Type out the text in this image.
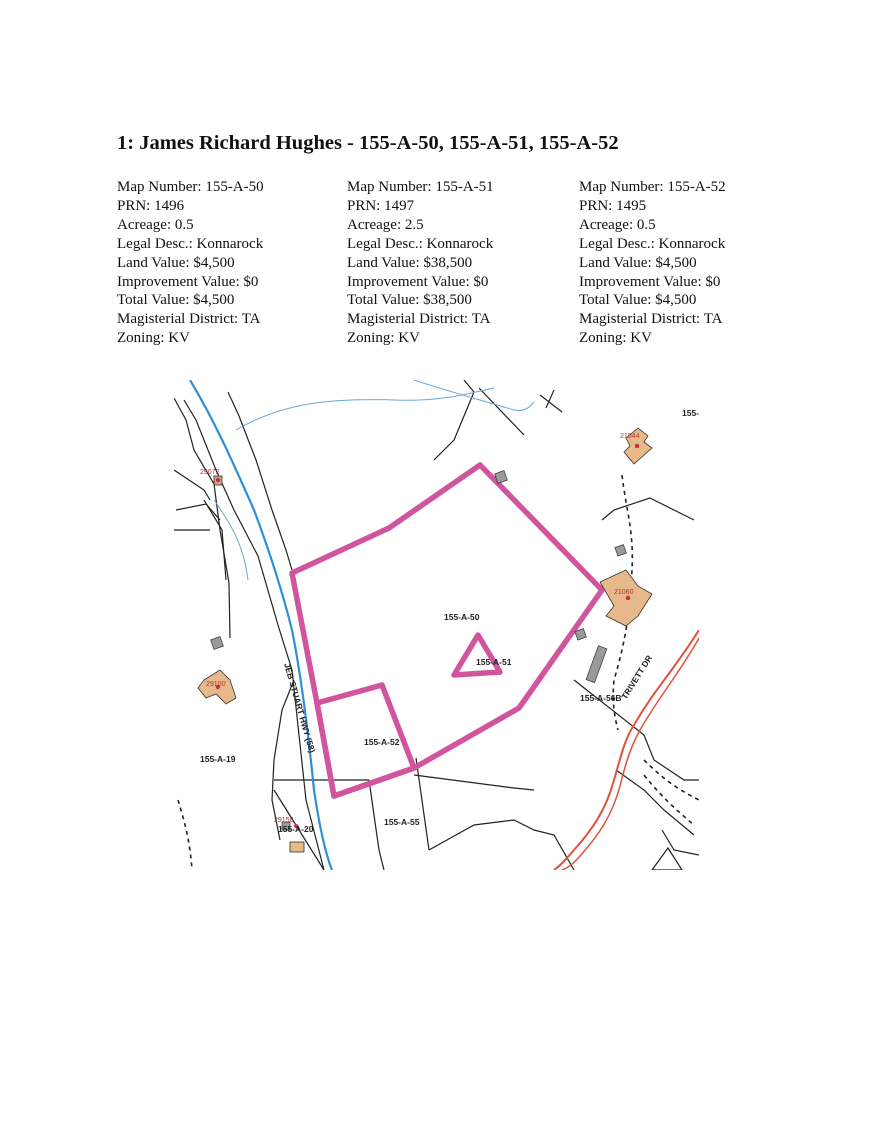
1: James Richard Hughes - 155-A-50, 155-A-51, 155-A-52
Map Number: 155-A-50
PRN: 1496
Acreage: 0.5
Legal Desc.: Konnarock
Land Value: $4,500
Improvement Value: $0
Total Value: $4,500
Magisterial District: TA
Zoning: KV
Map Number: 155-A-51
PRN: 1497
Acreage: 2.5
Legal Desc.: Konnarock
Land Value: $38,500
Improvement Value: $0
Total Value: $38,500
Magisterial District: TA
Zoning: KV
Map Number: 155-A-52
PRN: 1495
Acreage: 0.5
Legal Desc.: Konnarock
Land Value: $4,500
Improvement Value: $0
Total Value: $4,500
Magisterial District: TA
Zoning: KV
155-A-50
155-A-51
155-A-52
155-A-55
155-A-56B
155-A-19
155-A-20
155-
21044
21060
29072
29100
29158
JEB STUART HWY (58)	TRIVETT DR
